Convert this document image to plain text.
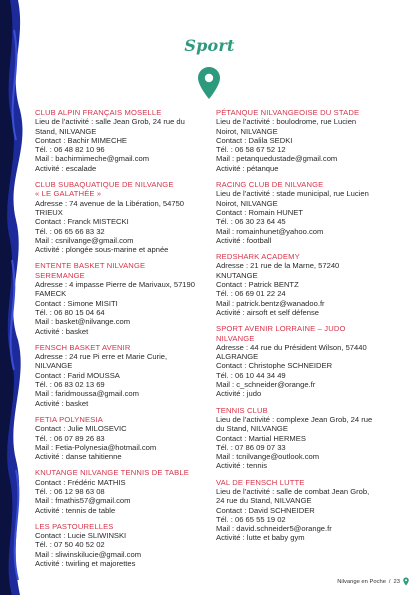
Sport
CLUB ALPIN FRANÇAIS MOSELLE
Lieu de l’activité : salle Jean Grob, 24 rue du
Stand, NILVANGE
Contact : Bachir MIMECHE
Tél. : 06 48 82 10 96
Mail : bachirmimeche@gmail.com
Activité : escalade
CLUB SUBAQUATIQUE DE NILVANGE
« LE GALATHÉE »
Adresse : 74 avenue de la Libération, 54750
TRIEUX
Contact : Franck MISTECKI
Tél. : 06 65 66 83 32
Mail : csnilvange@gmail.com
Activité : plongée sous-marine et apnée
ENTENTE BASKET NILVANGE
SEREMANGE
Adresse : 4 impasse Pierre de Marivaux, 57190
FAMECK
Contact : Simone MISITI
Tél. : 06 80 15 04 64
Mail : basket@nilvange.com
Activité : basket
FENSCH BASKET AVENIR
Adresse : 24 rue Pi erre et Marie Curie,
NILVANGE
Contact : Farid MOUSSA
Tél. : 06 83 02 13 69
Mail : faridmoussa@gmail.com
Activité : basket
FETIA POLYNESIA
Contact : Julie MILOSEVIC
Tél. : 06 07 89 26 83
Mail : Fetia-Polynesia@hotmail.com
Activité : danse tahitienne
KNUTANGE NILVANGE TENNIS DE TABLE
Contact : Frédéric MATHIS
Tél. : 06 12 98 63 08
Mail : fmathis57@gmail.com
Activité : tennis de table
LES PASTOURELLES
Contact : Lucie SLIWINSKI
Tél. : 07 50 40 52 02
Mail : sliwinskilucie@gmail.com
Activité : twirling et majorettes
PÉTANQUE NILVANGEOISE DU STADE
Lieu de l’activité : boulodrome, rue Lucien
Noirot, NILVANGE
Contact : Dalila SEDKI
Tél. : 06 58 67 52 12
Mail : petanquedustade@gmail.com
Activité : pétanque
RACING CLUB DE NILVANGE
Lieu de l’activité : stade municipal, rue Lucien
Noirot, NILVANGE
Contact : Romain HUNET
Tél. : 06 30 23 64 45
Mail : romainhunet@yahoo.com
Activité : football
REDSHARK ACADEMY
Adresse : 21 rue de la Marne, 57240
KNUTANGE
Contact : Patrick BENTZ
Tél. : 06 69 01 22 24
Mail : patrick.bentz@wanadoo.fr
Activité : airsoft et self défense
SPORT AVENIR LORRAINE – JUDO
NILVANGE
Adresse : 44 rue du Président Wilson, 57440
ALGRANGE
Contact : Christophe SCHNEIDER
Tél. : 06 10 44 34 49
Mail : c_schneider@orange.fr
Activité : judo
TENNIS CLUB
Lieu de l’activité : complexe Jean Grob, 24 rue
du Stand, NILVANGE
Contact : Martial HERMES
Tél. : 07 86 09 07 33
Mail : tcnilvange@outlook.com
Activité : tennis
VAL DE FENSCH LUTTE
Lieu de l’activité : salle de combat Jean Grob,
24 rue du Stand, NILVANGE
Contact : David SCHNEIDER
Tél. : 06 65 55 19 02
Mail : david.schneider5@orange.fr
Activité : lutte et baby gym
Nilvange en Poche / 23
